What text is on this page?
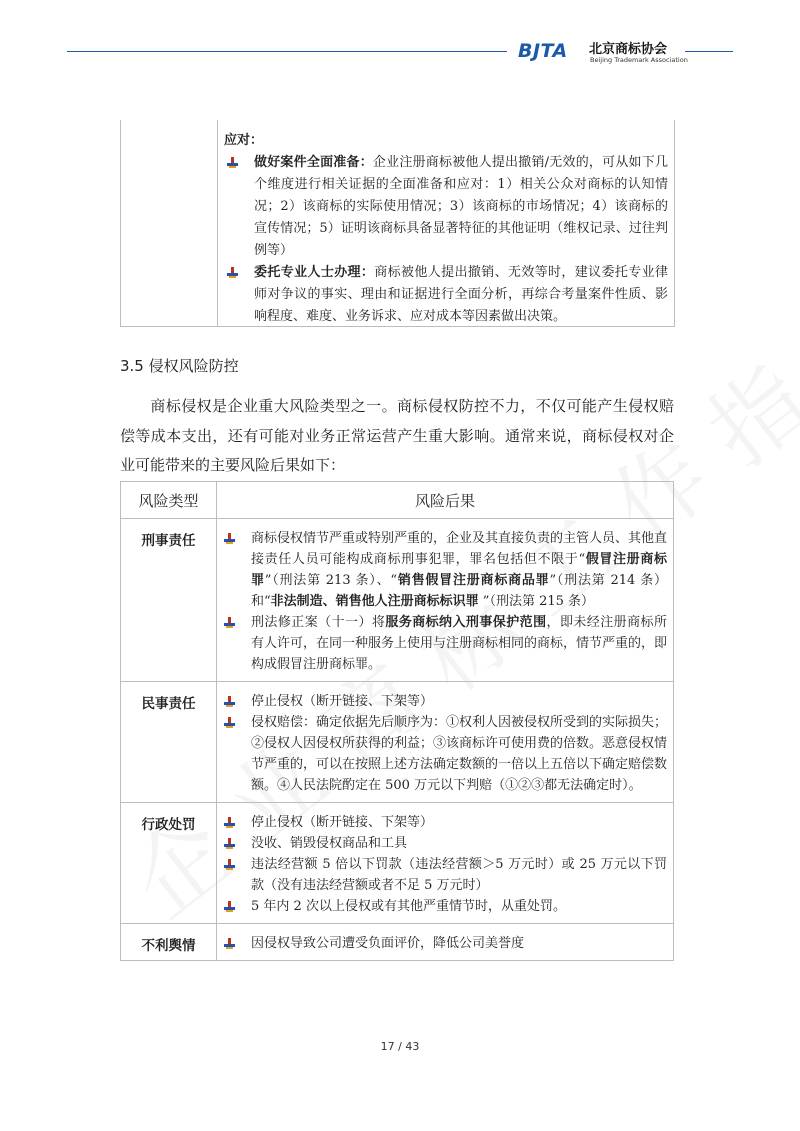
BJTA 北京商标协会
Beijing Trademark Association
应对：
做好案件全面准备：企业注册商标被他人提出撤销/无效的，可从如下几个维度进行相关证据的全面准备和应对：1）相关公众对商标的认知情况；2）该商标的实际使用情况；3）该商标的市场情况；4）该商标的宣传情况；5）证明该商标具备显著特征的其他证明（维权记录、过往判例等）
委托专业人士办理：商标被他人提出撤销、无效等时，建议委托专业律师对争议的事实、理由和证据进行全面分析，再综合考量案件性质、影响程度、难度、业务诉求、应对成本等因素做出决策。
3.5 侵权风险防控
商标侵权是企业重大风险类型之一。商标侵权防控不力，不仅可能产生侵权赔偿等成本支出，还有可能对业务正常运营产生重大影响。通常来说，商标侵权对企业可能带来的主要风险后果如下：
风险类型	风险后果
刑事责任	商标侵权情节严重或特别严重的，企业及其直接负责的主管人员、其他直接责任人员可能构成商标刑事犯罪，罪名包括但不限于“假冒注册商标罪”（刑法第 213 条）、“销售假冒注册商标商品罪”（刑法第 214 条）和“非法制造、销售他人注册商标标识罪 ”（刑法第 215 条）
刑法修正案（十一）将服务商标纳入刑事保护范围，即未经注册商标所有人许可，在同一种服务上使用与注册商标相同的商标，情节严重的，即构成假冒注册商标罪。

民事责任	停止侵权（断开链接、下架等）
侵权赔偿：确定依据先后顺序为：①权利人因被侵权所受到的实际损失；②侵权人因侵权所获得的利益；③该商标许可使用费的倍数。恶意侵权情节严重的，可以在按照上述方法确定数额的一倍以上五倍以下确定赔偿数额。④人民法院酌定在 500 万元以下判赔（①②③都无法确定时）。

行政处罚	停止侵权（断开链接、下架等）
没收、销毁侵权商品和工具
违法经营额 5 倍以下罚款（违法经营额＞5 万元时）或 25 万元以下罚款（没有违法经营额或者不足 5 万元时）
5 年内 2 次以上侵权或有其他严重情节时，从重处罚。

不利舆情	因侵权导致公司遭受负面评价，降低公司美誉度
17 / 43
